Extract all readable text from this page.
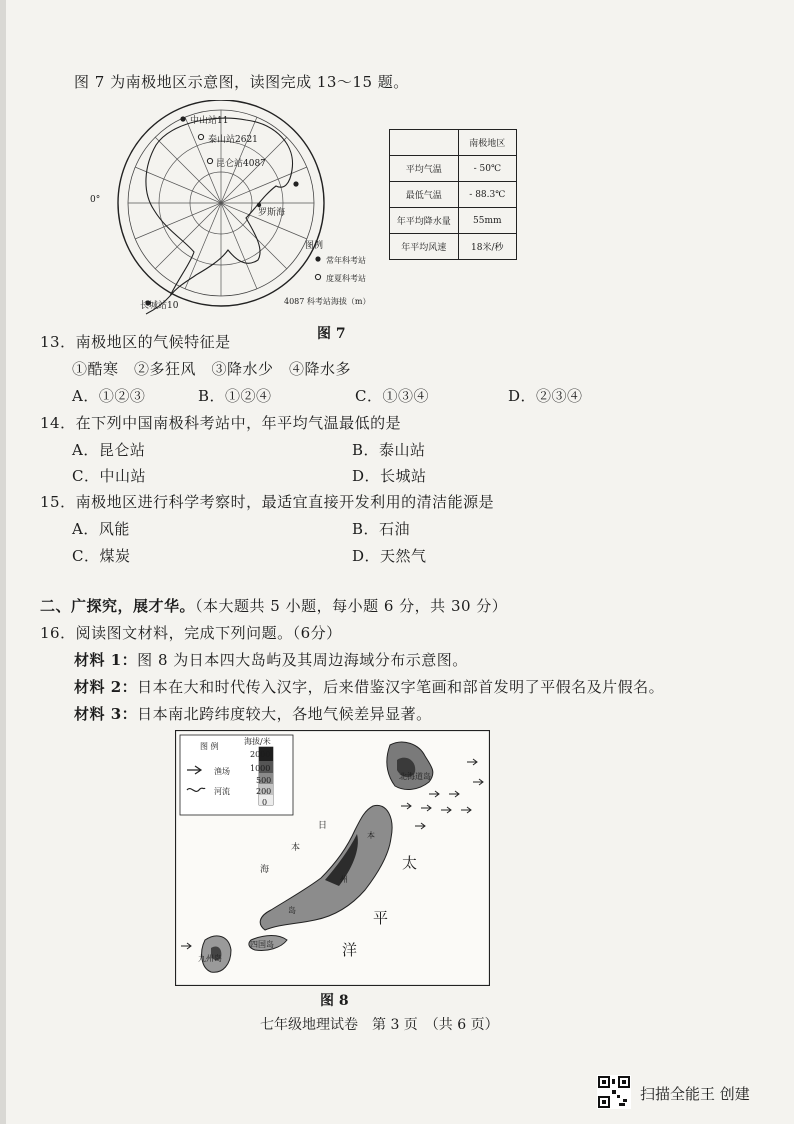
图 7 为南极地区示意图，读图完成 13～15 题。
0°
中山站11
泰山站2621
昆仑站4087
罗斯海
长城站10
图例
常年科考站
度夏科考站
4087 科考站海拔（m）
	南极地区
平均气温	- 50℃
最低气温	- 88.3℃
年平均降水量	55mm
年平均风速	18米/秒
图 7
13．南极地区的气候特征是
①酷寒　②多狂风　③降水少　④降水多
A．①②③	B．①②④	C．①③④	D．②③④
14．在下列中国南极科考站中，年平均气温最低的是
A．昆仑站	B．泰山站
C．中山站	D．长城站
15．南极地区进行科学考察时，最适宜直接开发利用的清洁能源是
A．风能	B．石油
C．煤炭	D．天然气
二、广探究，展才华。（本大题共 5 小题，每小题 6 分，共 30 分）
16．阅读图文材料，完成下列问题。（6分）
材料 1：图 8 为日本四大岛屿及其周边海域分布示意图。
材料 2：日本在大和时代传入汉字，后来借鉴汉字笔画和部首发明了平假名及片假名。
材料 3：日本南北跨纬度较大，各地气候差异显著。
图 例
渔场
河流
海拔/米
2000
1000
500
200
0
北海道岛
本
州
岛
四国岛
九州岛
日
本
海	太
平
洋
图 8
七年级地理试卷　第 3 页　（共 6 页）
扫描全能王 创建
